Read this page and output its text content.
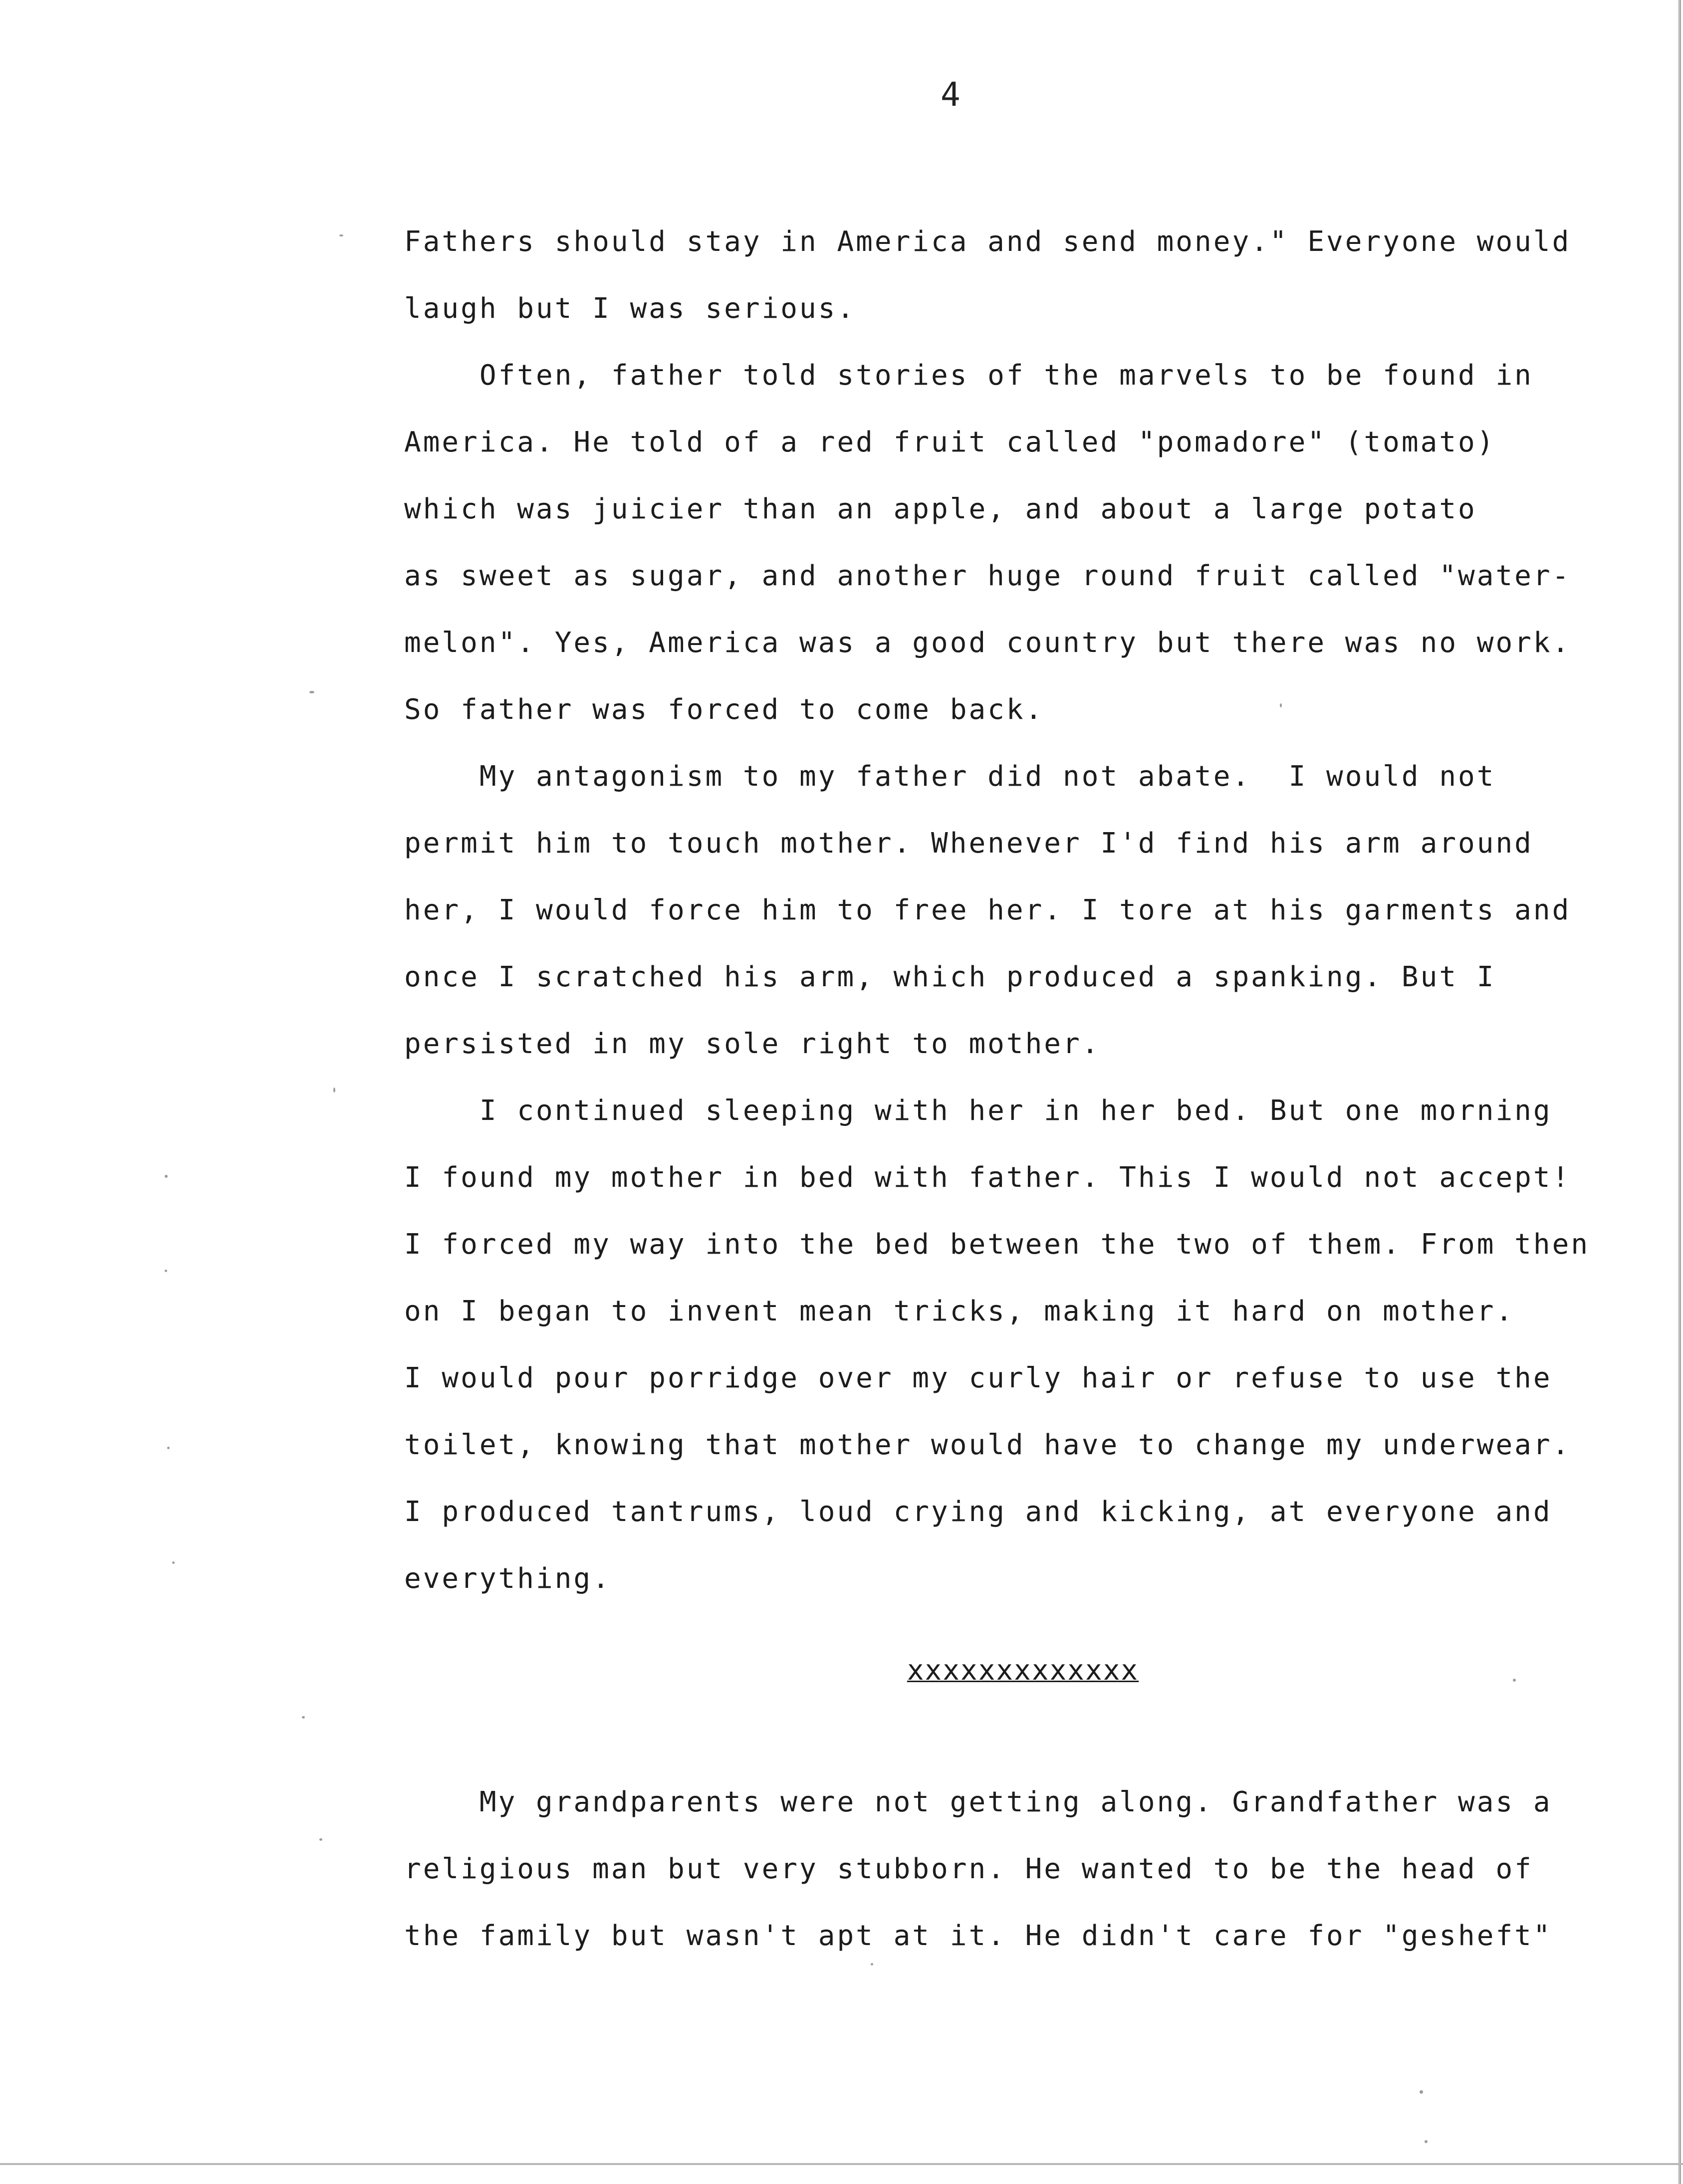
4
Fathers should stay in America and send money." Everyone would
laugh but I was serious.
Often, father told stories of the marvels to be found in
America. He told of a red fruit called "pomadore" (tomato)
which was juicier than an apple, and about a large potato
as sweet as sugar, and another huge round fruit called "water-
melon". Yes, America was a good country but there was no work.
So father was forced to come back.
My antagonism to my father did not abate.  I would not
permit him to touch mother. Whenever I'd find his arm around
her, I would force him to free her. I tore at his garments and
once I scratched his arm, which produced a spanking. But I
persisted in my sole right to mother.
I continued sleeping with her in her bed. But one morning
I found my mother in bed with father. This I would not accept!
I forced my way into the bed between the two of them. From then
on I began to invent mean tricks, making it hard on mother.
I would pour porridge over my curly hair or refuse to use the
toilet, knowing that mother would have to change my underwear.
I produced tantrums, loud crying and kicking, at everyone and
everything.
xxxxxxxxxxxxx
My grandparents were not getting along. Grandfather was a
religious man but very stubborn. He wanted to be the head of
the family but wasn't apt at it. He didn't care for "gesheft"
